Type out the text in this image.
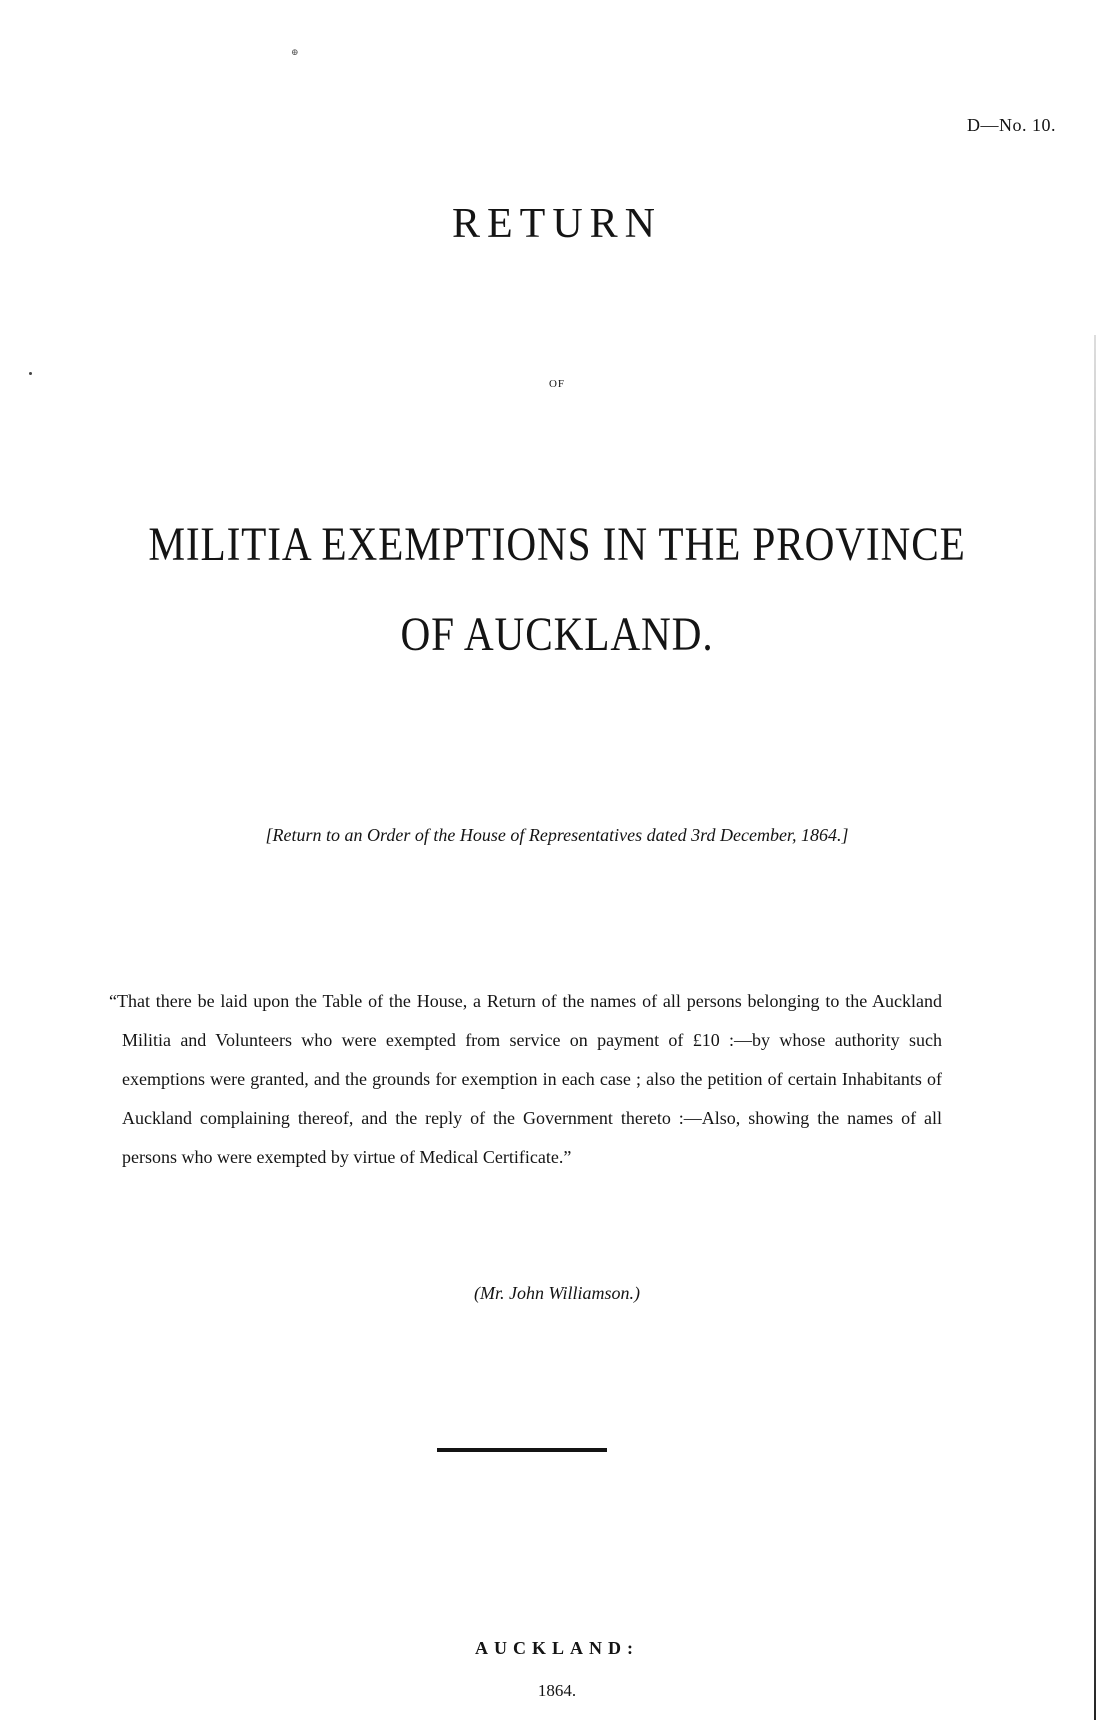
⊕
D—No. 10.
RETURN
OF
MILITIA EXEMPTIONS IN THE PROVINCE
OF AUCKLAND.
[Return to an Order of the House of Representatives dated 3rd December, 1864.]

“That there be laid upon the Table of the House, a Return of the names of all persons belonging to the Auckland Militia and Volunteers who were exempted from service on payment of £10 :—by whose authority such exemptions were granted, and the grounds for exemption in each case ; also the petition of certain Inhabitants of Auckland complaining thereof, and the reply of the Government thereto :—Also, showing the names of all persons who were exempted by virtue of Medical Certificate.”

(Mr. John Williamson.)
AUCKLAND:
1864.
